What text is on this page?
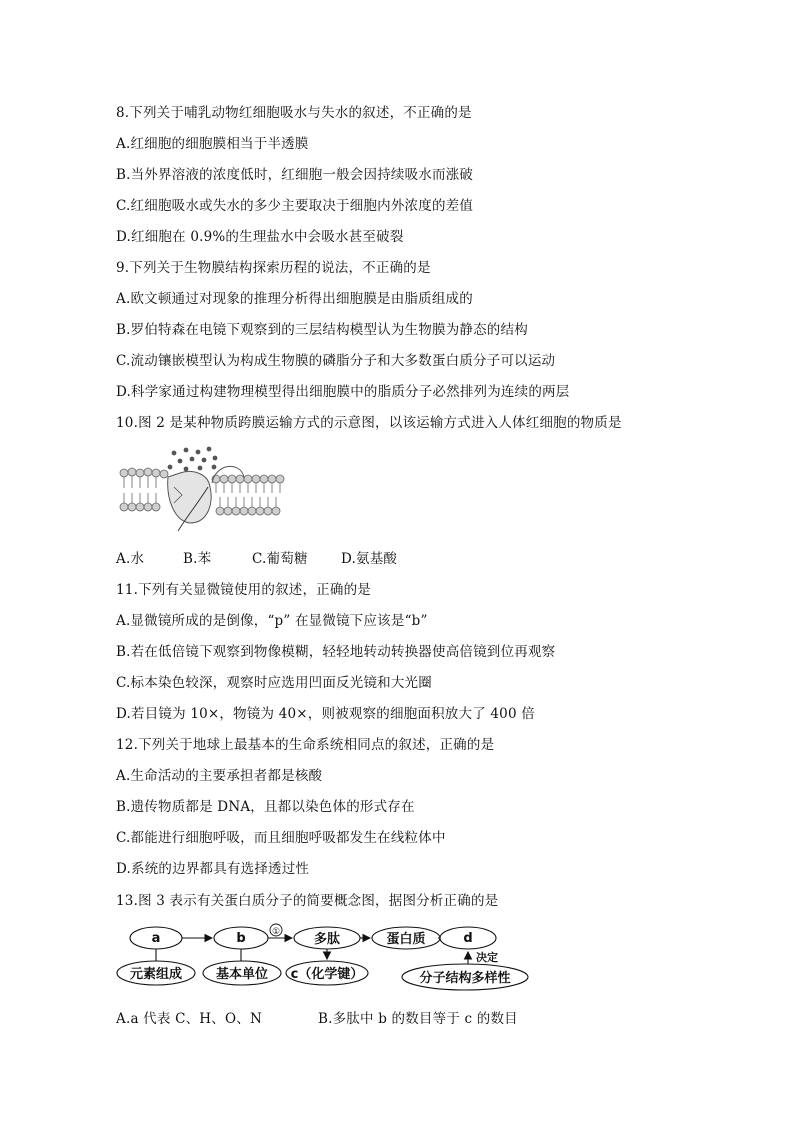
8.下列关于哺乳动物红细胞吸水与失水的叙述，不正确的是
A.红细胞的细胞膜相当于半透膜
B.当外界溶液的浓度低时，红细胞一般会因持续吸水而涨破
C.红细胞吸水或失水的多少主要取决于细胞内外浓度的差值
D.红细胞在 0.9%的生理盐水中会吸水甚至破裂
9.下列关于生物膜结构探索历程的说法，不正确的是
A.欧文顿通过对现象的推理分析得出细胞膜是由脂质组成的
B.罗伯特森在电镜下观察到的三层结构模型认为生物膜为静态的结构
C.流动镶嵌模型认为构成生物膜的磷脂分子和大多数蛋白质分子可以运动
D.科学家通过构建物理模型得出细胞膜中的脂质分子必然排列为连续的两层
10.图 2 是某种物质跨膜运输方式的示意图，以该运输方式进入人体红细胞的物质是
A.水	B.苯	C.葡萄糖	D.氨基酸
11.下列有关显微镜使用的叙述，正确的是
A.显微镜所成的是倒像，“p” 在显微镜下应该是“b”
B.若在低倍镜下观察到物像模糊，轻轻地转动转换器使高倍镜到位再观察
C.标本染色较深，观察时应选用凹面反光镜和大光圈
D.若目镜为 10×，物镜为 40×，则被观察的细胞面积放大了 400 倍
12.下列关于地球上最基本的生命系统相同点的叙述，正确的是
A.生命活动的主要承担者都是核酸
B.遗传物质都是 DNA，且都以染色体的形式存在
C.都能进行细胞呼吸，而且细胞呼吸都发生在线粒体中
D.系统的边界都具有选择透过性
13.图 3 表示有关蛋白质分子的简要概念图，据图分析正确的是
a	b	多肽	蛋白质	d
元素组成	基本单位 c（化学键）	分子结构多样性
决定
①
A.a 代表 C、H、O、N	B.多肽中 b 的数目等于 c 的数目
